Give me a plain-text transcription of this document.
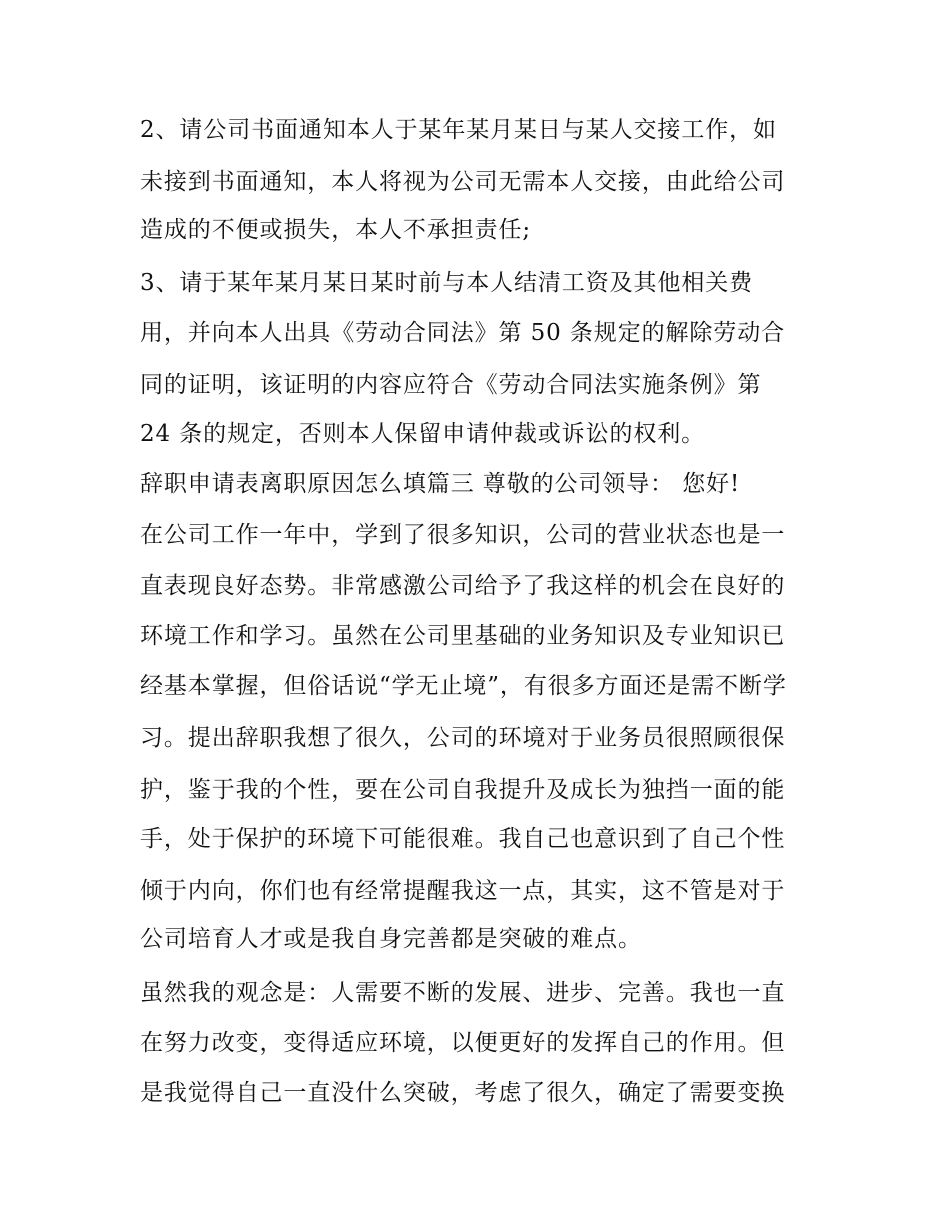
2、请公司书面通知本人于某年某月某日与某人交接工作，如

未接到书面通知，本人将视为公司无需本人交接，由此给公司

造成的不便或损失，本人不承担责任;

3、请于某年某月某日某时前与本人结清工资及其他相关费

用，并向本人出具《劳动合同法》第 50 条规定的解除劳动合

同的证明，该证明的内容应符合《劳动合同法实施条例》第

24 条的规定，否则本人保留申请仲裁或诉讼的权利。

辞职申请表离职原因怎么填篇三 尊敬的公司领导： 您好!

在公司工作一年中，学到了很多知识，公司的营业状态也是一

直表现良好态势。非常感激公司给予了我这样的机会在良好的

环境工作和学习。虽然在公司里基础的业务知识及专业知识已

经基本掌握，但俗话说“学无止境”，有很多方面还是需不断学

习。提出辞职我想了很久，公司的环境对于业务员很照顾很保

护，鉴于我的个性，要在公司自我提升及成长为独挡一面的能

手，处于保护的环境下可能很难。我自己也意识到了自己个性

倾于内向，你们也有经常提醒我这一点，其实，这不管是对于

公司培育人才或是我自身完善都是突破的难点。

虽然我的观念是：人需要不断的发展、进步、完善。我也一直

在努力改变，变得适应环境，以便更好的发挥自己的作用。但

是我觉得自己一直没什么突破，考虑了很久，确定了需要变换
